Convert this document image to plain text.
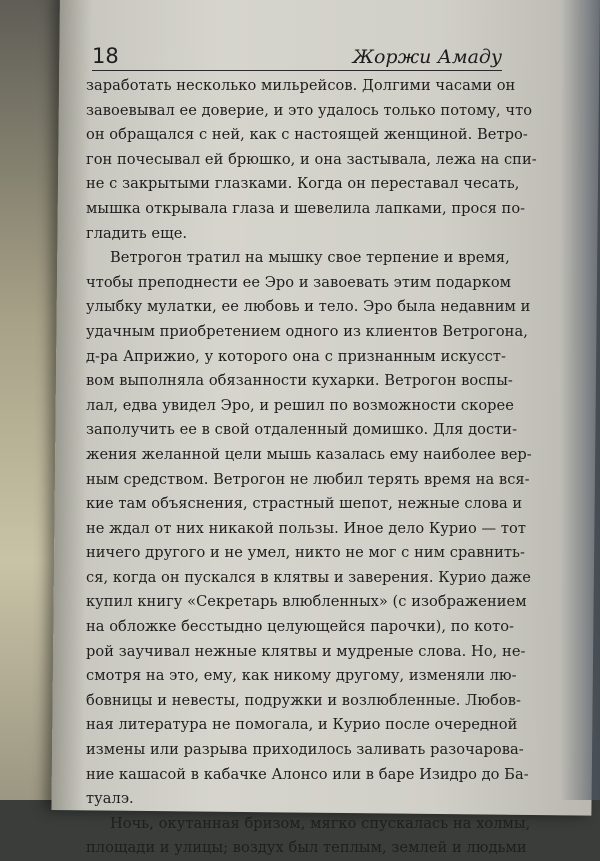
18	Жоржи Амаду
заработать несколько мильрейсов. Долгими часами он
завоевывал ее доверие, и это удалось только потому, что
он обращался с ней, как с настоящей женщиной. Ветро-
гон почесывал ей брюшко, и она застывала, лежа на спи-
не с закрытыми глазками. Когда он переставал чесать,
мышка открывала глаза и шевелила лапками, прося по-
гладить еще.
Ветрогон тратил на мышку свое терпение и время,
чтобы преподнести ее Эро и завоевать этим подарком
улыбку мулатки, ее любовь и тело. Эро была недавним и
удачным приобретением одного из клиентов Ветрогона,
д-ра Априжио, у которого она с признанным искусст-
вом выполняла обязанности кухарки. Ветрогон воспы-
лал, едва увидел Эро, и решил по возможности скорее
заполучить ее в свой отдаленный домишко. Для дости-
жения желанной цели мышь казалась ему наиболее вер-
ным средством. Ветрогон не любил терять время на вся-
кие там объяснения, страстный шепот, нежные слова и
не ждал от них никакой пользы. Иное дело Курио — тот
ничего другого и не умел, никто не мог с ним сравнить-
ся, когда он пускался в клятвы и заверения. Курио даже
купил книгу «Секретарь влюбленных» (с изображением
на обложке бесстыдно целующейся парочки), по кото-
рой заучивал нежные клятвы и мудреные слова. Но, не-
смотря на это, ему, как никому другому, изменяли лю-
бовницы и невесты, подружки и возлюбленные. Любов-
ная литература не помогала, и Курио после очередной
измены или разрыва приходилось заливать разочарова-
ние кашасой в кабачке Алонсо или в баре Изидро до Ба-
туалэ.
Ночь, окутанная бризом, мягко спускалась на холмы,
площади и улицы; воздух был теплым, землей и людьми
